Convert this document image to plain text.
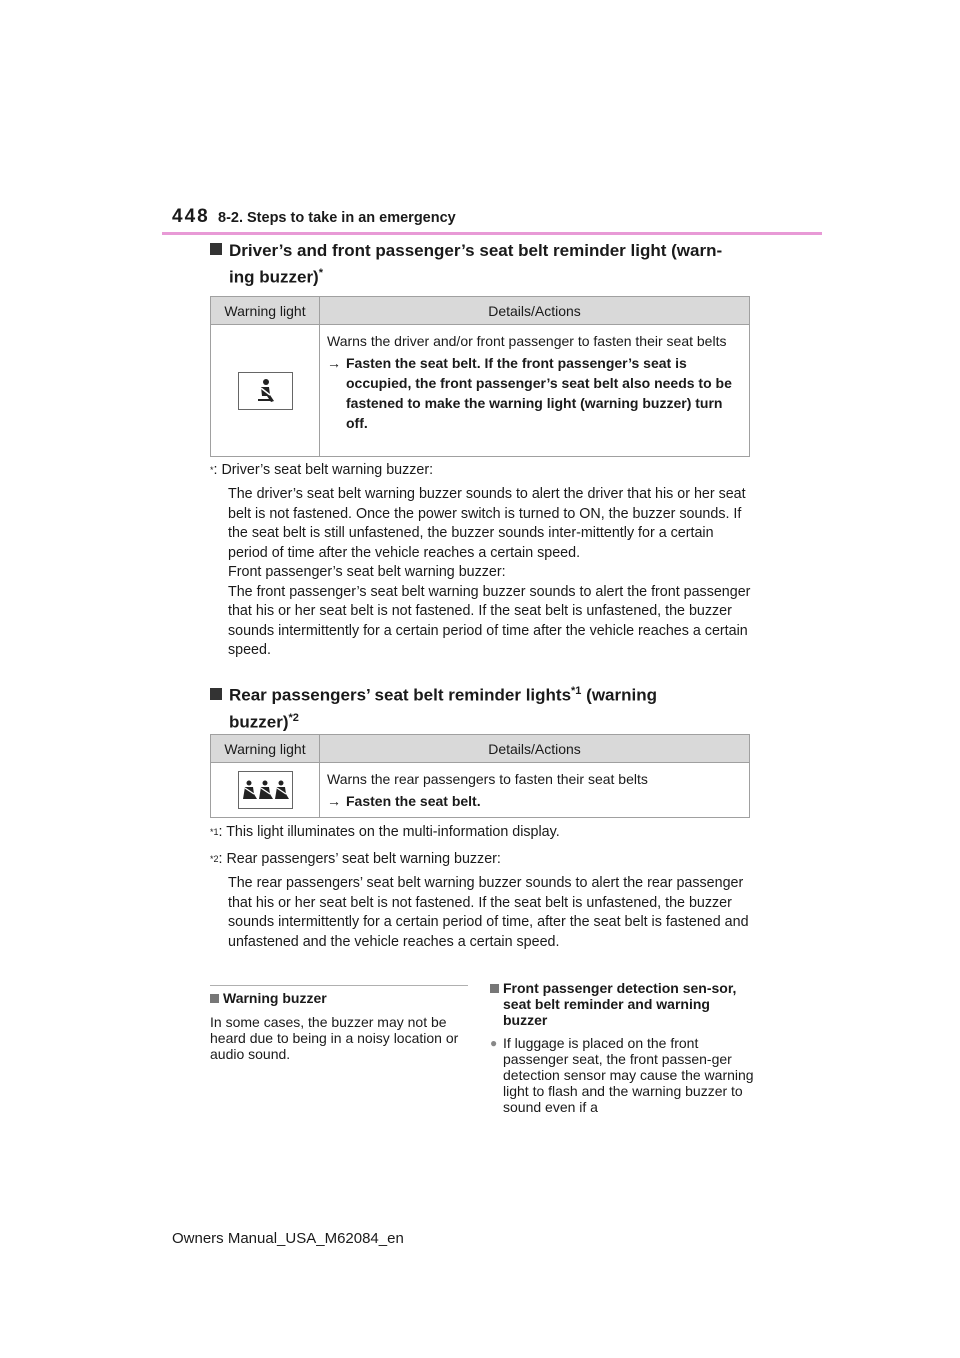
448 8-2. Steps to take in an emergency
Driver’s and front passenger’s seat belt reminder light (warn-
ing buzzer)*
Warning light	Details/Actions

Warns the driver and/or front passenger to fasten their seat belts
→ Fasten the seat belt. If the front passenger’s seat is occupied, the front passenger’s seat belt also needs to be fastened to make the warning light (warning buzzer) turn off.
* : Driver’s seat belt warning buzzer:
The driver’s seat belt warning buzzer sounds to alert the driver that his or her seat belt is not fastened. Once the power switch is turned to ON, the buzzer sounds. If the seat belt is still unfastened, the buzzer sounds inter-mittently for a certain period of time after the vehicle reaches a certain speed.
Front passenger’s seat belt warning buzzer:
The front passenger’s seat belt warning buzzer sounds to alert the front passenger that his or her seat belt is not fastened. If the seat belt is unfastened, the buzzer sounds intermittently for a certain period of time after the vehicle reaches a certain speed.
Rear passengers’ seat belt reminder lights$^{*1}$ (warning
buzzer)$^{*2}$
Warning light	Details/Actions

Warns the rear passengers to fasten their seat belts
→ Fasten the seat belt.
$^{*1}$ : This light illuminates on the multi-information display.
$^{*2}$ : Rear passengers’ seat belt warning buzzer:
The rear passengers’ seat belt warning buzzer sounds to alert the rear passenger that his or her seat belt is not fastened. If the seat belt is unfastened, the buzzer sounds intermittently for a certain period of time, after the seat belt is fastened and unfastened and the vehicle reaches a certain speed.
Warning buzzer
In some cases, the buzzer may not be heard due to being in a noisy location or audio sound.
Front passenger detection sen-sor, seat belt reminder and warning buzzer
● If luggage is placed on the front passenger seat, the front passen-ger detection sensor may cause the warning light to flash and the warning buzzer to sound even if a
Owners Manual_USA_M62084_en
